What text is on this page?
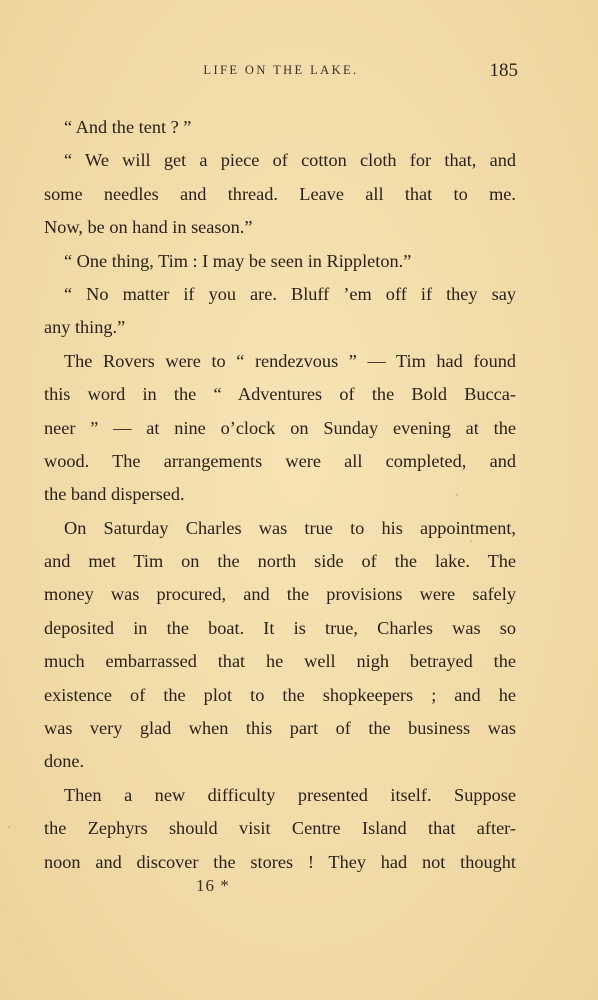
LIFE ON THE LAKE.	185
“ And the tent ? ”
“ We will get a piece of cotton cloth for that, and
some needles and thread. Leave all that to me.
Now, be on hand in season.”
“ One thing, Tim : I may be seen in Rippleton.”
“ No matter if you are. Bluff ’em off if they say
any thing.”
The Rovers were to “ rendezvous ” — Tim had found
this word in the “ Adventures of the Bold Bucca-
neer ” — at nine o’clock on Sunday evening at the
wood. The arrangements were all completed, and
the band dispersed.
On Saturday Charles was true to his appointment,
and met Tim on the north side of the lake. The
money was procured, and the provisions were safely
deposited in the boat. It is true, Charles was so
much embarrassed that he well nigh betrayed the
existence of the plot to the shopkeepers ; and he
was very glad when this part of the business was
done.
Then a new difficulty presented itself. Suppose
the Zephyrs should visit Centre Island that after-
noon and discover the stores ! They had not thought
16 *
